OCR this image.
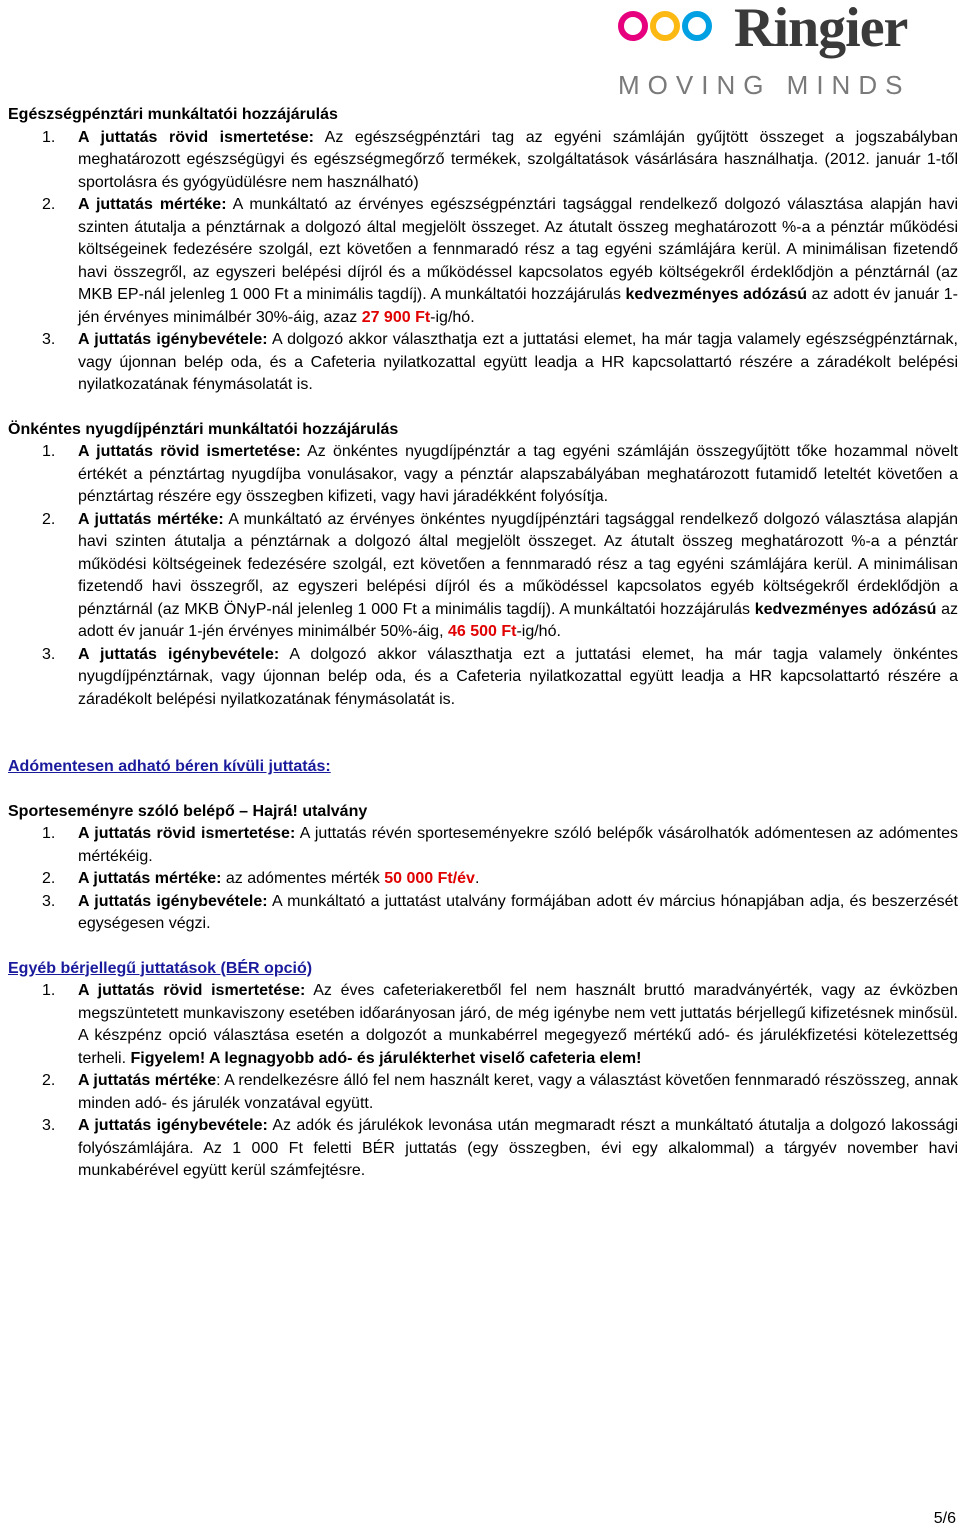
Ringier
MOVING MINDS
Egészségpénztári munkáltatói hozzájárulás
1.	A juttatás rövid ismertetése: Az egészségpénztári tag az egyéni számláján gyűjtött összeget a jogszabályban meghatározott egészségügyi és egészségmegőrző termékek, szolgáltatások vásárlására használhatja. (2012. január 1-től sportolásra és gyógyüdülésre nem használható)
2.	A juttatás mértéke: A munkáltató az érvényes egészségpénztári tagsággal rendelkező dolgozó választása alapján havi szinten átutalja a pénztárnak a dolgozó által megjelölt összeget. Az átutalt összeg meghatározott %-a a pénztár működési költségeinek fedezésére szolgál, ezt követően a fennmaradó rész a tag egyéni számlájára kerül. A minimálisan fizetendő havi összegről, az egyszeri belépési díjról és a működéssel kapcsolatos egyéb költségekről érdeklődjön a pénztárnál (az MKB EP-nál jelenleg 1 000 Ft a minimális tagdíj). A munkáltatói hozzájárulás kedvezményes adózású az adott év január 1-jén érvényes minimálbér 30%-áig, azaz 27 900 Ft-ig/hó.
3.	A juttatás igénybevétele: A dolgozó akkor választhatja ezt a juttatási elemet, ha már tagja valamely egészségpénztárnak, vagy újonnan belép oda, és a Cafeteria nyilatkozattal együtt leadja a HR kapcsolattartó részére a záradékolt belépési nyilatkozatának fénymásolatát is.
Önkéntes nyugdíjpénztári munkáltatói hozzájárulás
1.	A juttatás rövid ismertetése: Az önkéntes nyugdíjpénztár a tag egyéni számláján összegyűjtött tőke hozammal növelt értékét a pénztártag nyugdíjba vonulásakor, vagy a pénztár alapszabályában meghatározott futamidő leteltét követően a pénztártag részére egy összegben kifizeti, vagy havi járadékként folyósítja.
2.	A juttatás mértéke: A munkáltató az érvényes önkéntes nyugdíjpénztári tagsággal rendelkező dolgozó választása alapján havi szinten átutalja a pénztárnak a dolgozó által megjelölt összeget. Az átutalt összeg meghatározott %-a a pénztár működési költségeinek fedezésére szolgál, ezt követően a fennmaradó rész a tag egyéni számlájára kerül. A minimálisan fizetendő havi összegről, az egyszeri belépési díjról és a működéssel kapcsolatos egyéb költségekről érdeklődjön a pénztárnál (az MKB ÖNyP-nál jelenleg 1 000 Ft a minimális tagdíj). A munkáltatói hozzájárulás kedvezményes adózású az adott év január 1-jén érvényes minimálbér 50%-áig, 46 500 Ft-ig/hó.
3.	A juttatás igénybevétele: A dolgozó akkor választhatja ezt a juttatási elemet, ha már tagja valamely önkéntes nyugdíjpénztárnak, vagy újonnan belép oda, és a Cafeteria nyilatkozattal együtt leadja a HR kapcsolattartó részére a záradékolt belépési nyilatkozatának fénymásolatát is.
Adómentesen adható béren kívüli juttatás:
Sporteseményre szóló belépő – Hajrá! utalvány
1.	A juttatás rövid ismertetése: A juttatás révén sporteseményekre szóló belépők vásárolhatók adómentesen az adómentes mértékéig.
2.	A juttatás mértéke: az adómentes mérték 50 000 Ft/év.
3.	A juttatás igénybevétele: A munkáltató a juttatást utalvány formájában adott év március hónapjában adja, és beszerzését egységesen végzi.
Egyéb bérjellegű juttatások (BÉR opció)
1.	A juttatás rövid ismertetése: Az éves cafeteriakeretből fel nem használt bruttó maradványérték, vagy az évközben megszüntetett munkaviszony esetében időarányosan járó, de még igénybe nem vett juttatás bérjellegű kifizetésnek minősül. A készpénz opció választása esetén a dolgozót a munkabérrel megegyező mértékű adó- és járulékfizetési kötelezettség terheli. Figyelem! A legnagyobb adó- és járulékterhet viselő cafeteria elem!
2.	A juttatás mértéke: A rendelkezésre álló fel nem használt keret, vagy a választást követően fennmaradó részösszeg, annak minden adó- és járulék vonzatával együtt.
3.	A juttatás igénybevétele: Az adók és járulékok levonása után megmaradt részt a munkáltató átutalja a dolgozó lakossági folyószámlájára. Az 1 000 Ft feletti BÉR juttatás (egy összegben, évi egy alkalommal) a tárgyév november havi munkabérével együtt kerül számfejtésre.
5/6
